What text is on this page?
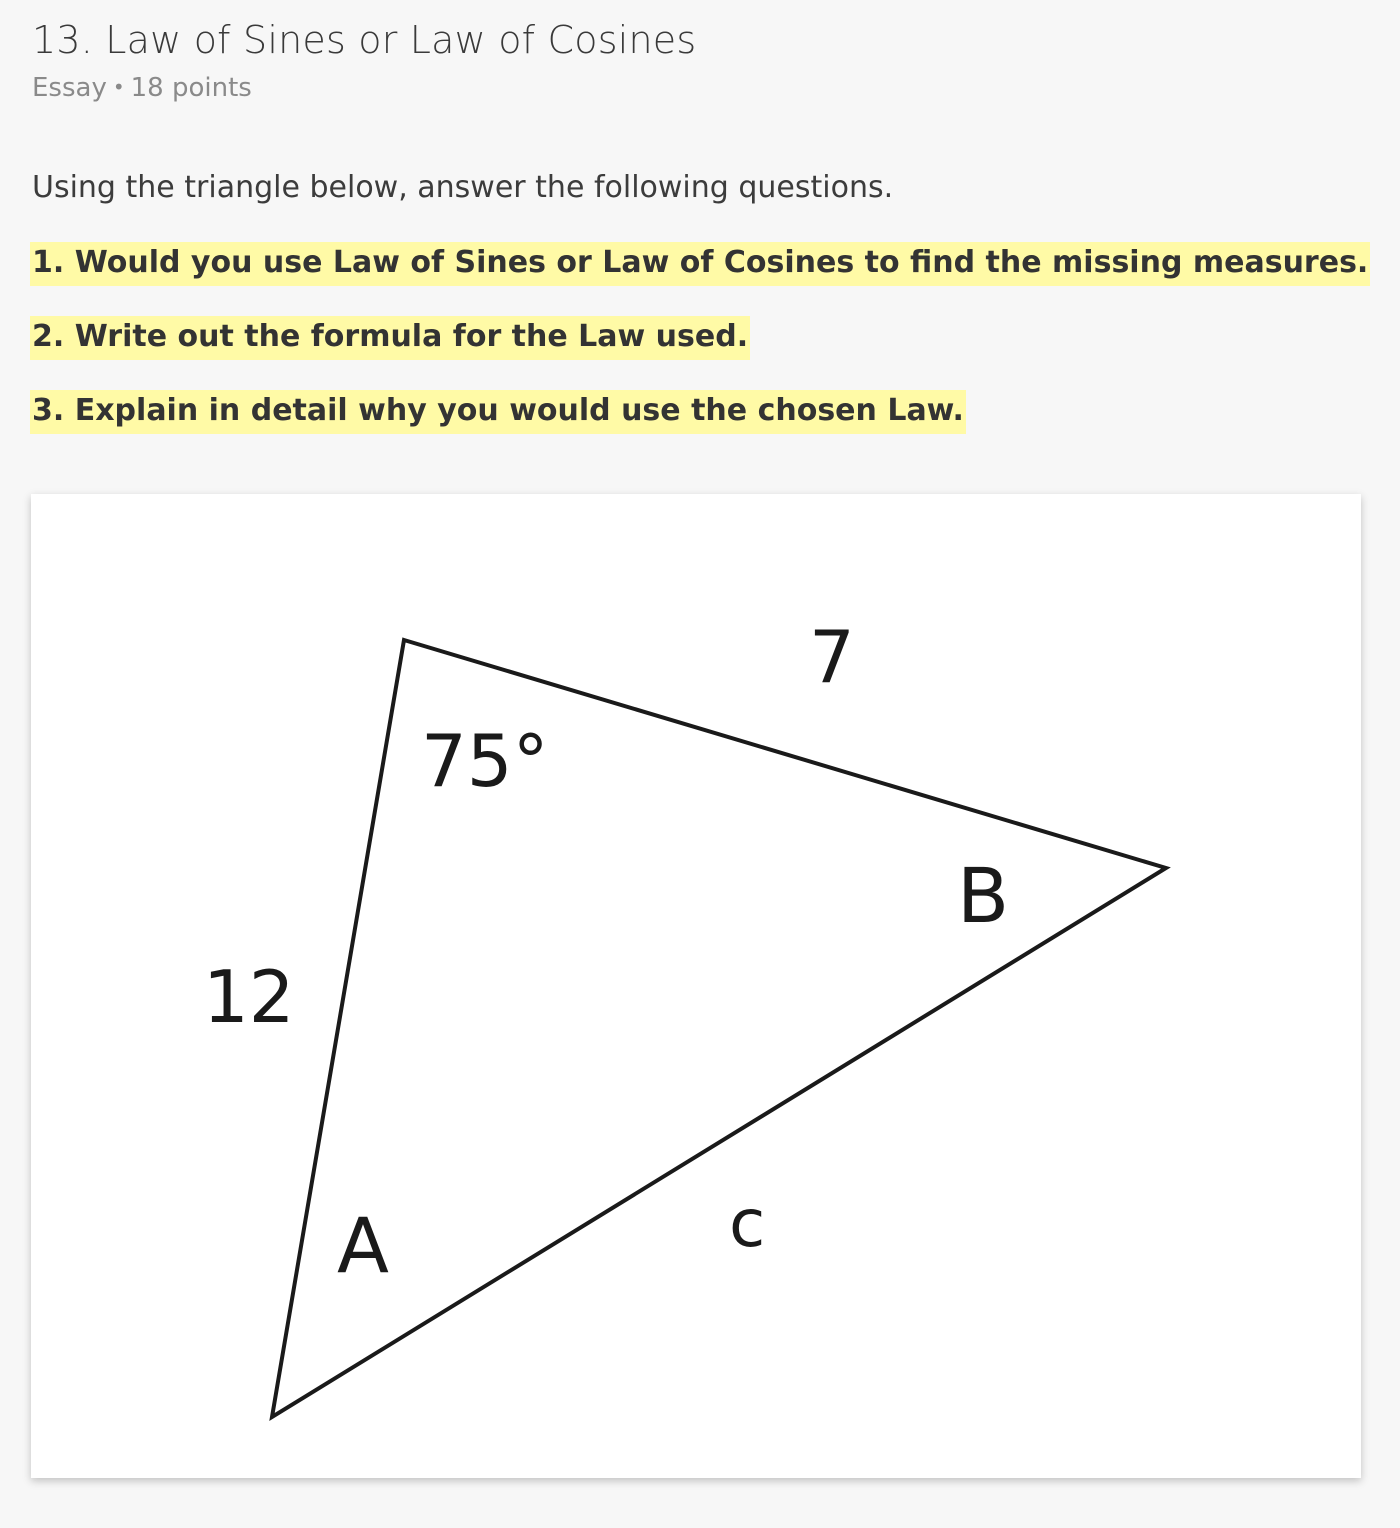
13. Law of Sines or Law of Cosines
Essay • 18 points

Using the triangle below, answer the following questions.

1. Would you use Law of Sines or Law of Cosines to find the missing measures.
2. Write out the formula for the Law used.
3. Explain in detail why you would use the chosen Law.
75°
7
12
B
A	c
